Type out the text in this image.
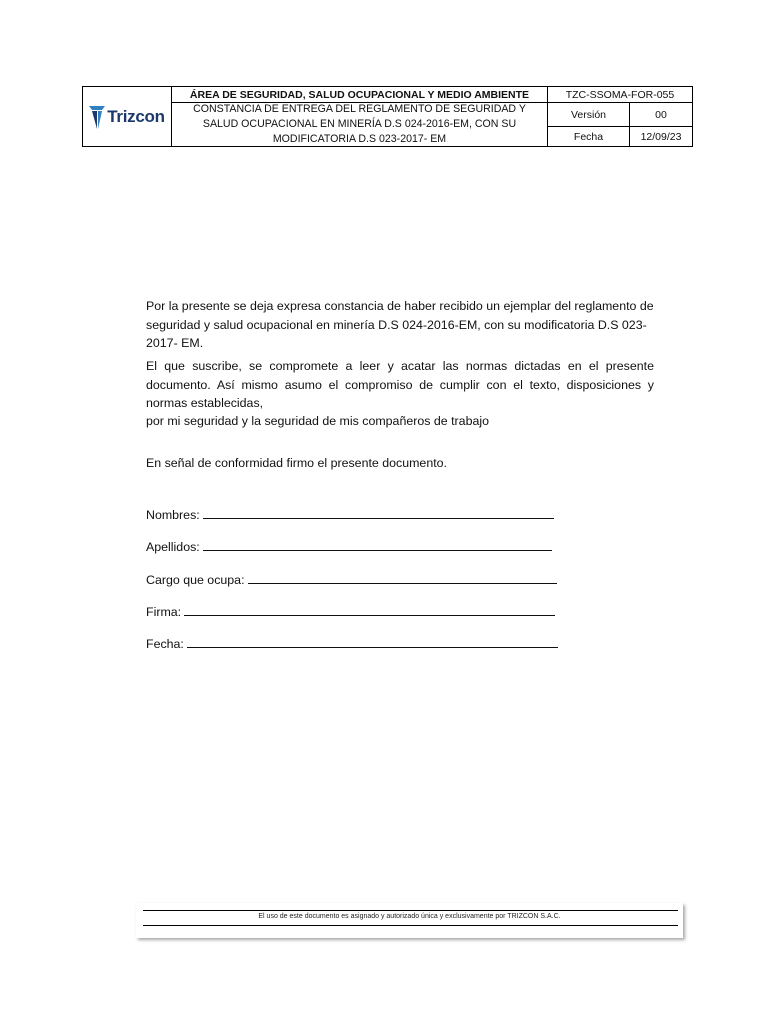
Trizcon
ÁREA DE SEGURIDAD, SALUD OCUPACIONAL Y MEDIO AMBIENTE
CONSTANCIA DE ENTREGA DEL REGLAMENTO DE SEGURIDAD Y SALUD OCUPACIONAL EN MINERÍA D.S 024-2016-EM, CON SU MODIFICATORIA D.S 023-2017- EM
TZC-SSOMA-FOR-055
Versión	00
Fecha	12/09/23
Por la presente se deja expresa constancia de haber recibido un ejemplar del reglamento de seguridad y salud ocupacional en minería D.S 024-2016-EM, con su modificatoria D.S 023-2017- EM.
El que suscribe, se compromete a leer y acatar las normas dictadas en el presente documento. Así mismo asumo el compromiso de cumplir con el texto, disposiciones y normas establecidas,
por mi seguridad y la seguridad de mis compañeros de trabajo
En señal de conformidad firmo el presente documento.
Nombres:
Apellidos:
Cargo que ocupa:
Firma:
Fecha:
El uso de este documento es asignado y autorizado única y exclusivamente por TRIZCON S.A.C.
